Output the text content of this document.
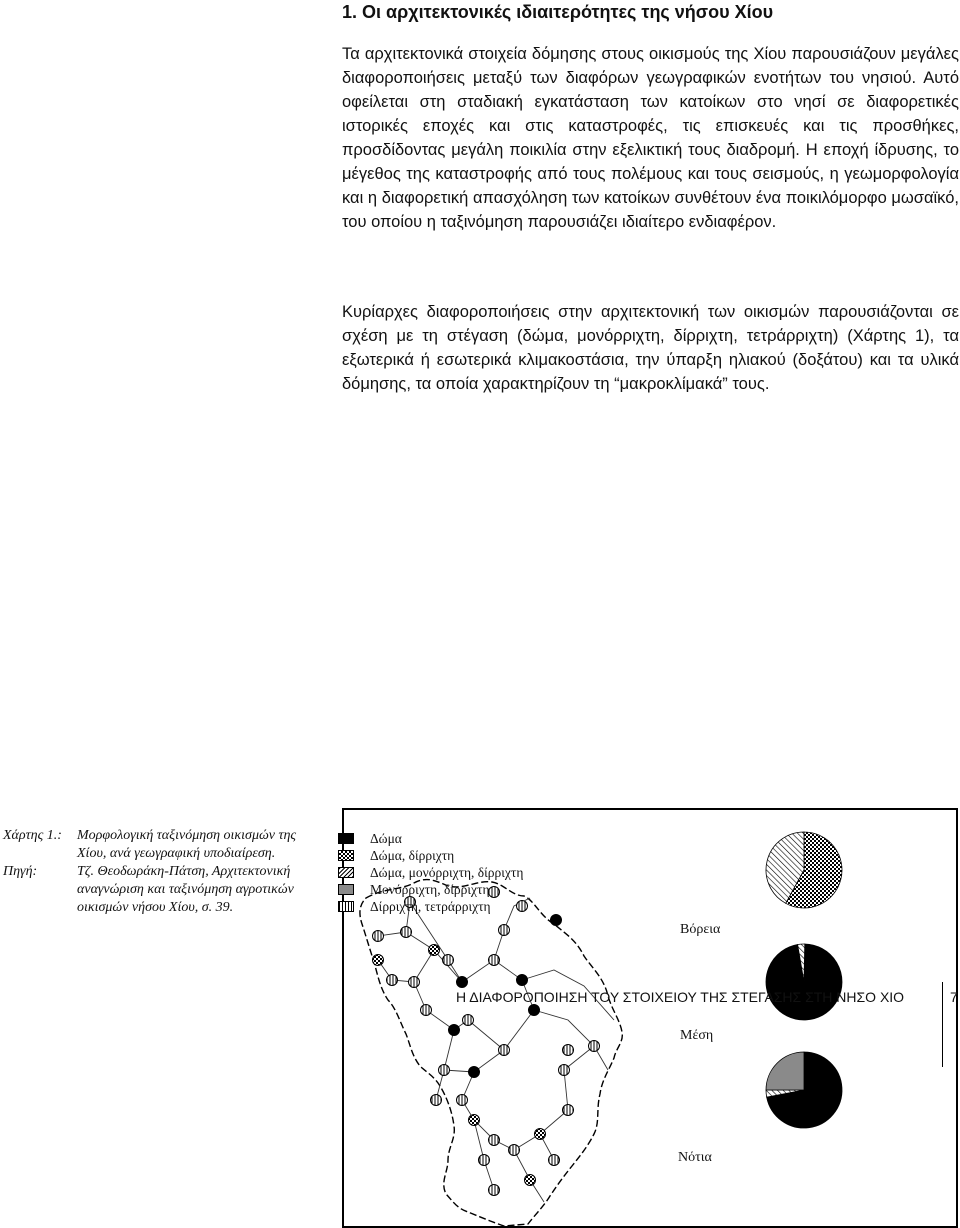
1. Οι αρχιτεκτονικές ιδιαιτερότητες της νήσου Χίου

Τα αρχιτεκτονικά στοιχεία δόμησης στους οικισμούς της Χίου παρουσιάζουν μεγάλες διαφοροποιήσεις μεταξύ των διαφόρων γεωγραφικών ενοτήτων του νησιού. Αυτό οφείλεται στη σταδιακή εγκατάσταση των κατοίκων στο νησί σε διαφορετικές ιστορικές εποχές και στις καταστροφές, τις επισκευές και τις προσθήκες, προσδίδοντας μεγάλη ποικιλία στην εξελικτική τους διαδρομή. Η εποχή ίδρυσης, το μέγεθος της καταστροφής από τους πολέμους και τους σεισμούς, η γεωμορφολογία και η διαφορετική απασχόληση των κατοίκων συνθέτουν ένα ποικιλόμορφο μωσαϊκό, του οποίου η ταξινόμηση παρουσιάζει ιδιαίτερο ενδιαφέρον.

Κυρίαρχες διαφοροποιήσεις στην αρχιτεκτονική των οικισμών παρουσιάζονται σε σχέση με τη στέγαση (δώμα, μονόρριχτη, δίρριχτη, τετράρριχτη) (Χάρτης 1), τα εξωτερικά ή εσωτερικά κλιμακοστάσια, την ύπαρξη ηλιακού (δοξάτου) και τα υλικά δόμησης, τα οποία χαρακτηρίζουν τη “μακροκλίμακά” τους.

Χάρτης 1.:	Μορφολογική ταξινόμηση οικισμών της Χίου, ανά γεωγραφική υποδιαίρεση.
Πηγή:	Τζ. Θεοδωράκη-Πάτση, Αρχιτεκτονική αναγνώριση και ταξινόμηση αγροτικών οικισμών νήσου Χίου, σ. 39.
Βόρεια
Μέση
Νότια
Δώμα
Δώμα, δίρριχτη
Δώμα, μονόρριχτη, δίρριχτη
Μονόρριχτη, δίρριχτη
Δίρριχτη, τετράρριχτη
Η ΔΙΑΦΟΡΟΠΟΙΗΣΗ ΤΟΥ ΣΤΟΙΧΕΙΟΥ ΤΗΣ ΣΤΕΓΑΣΗΣ ΣΤΗ ΝΗΣΟ ΧΙΟ	7
